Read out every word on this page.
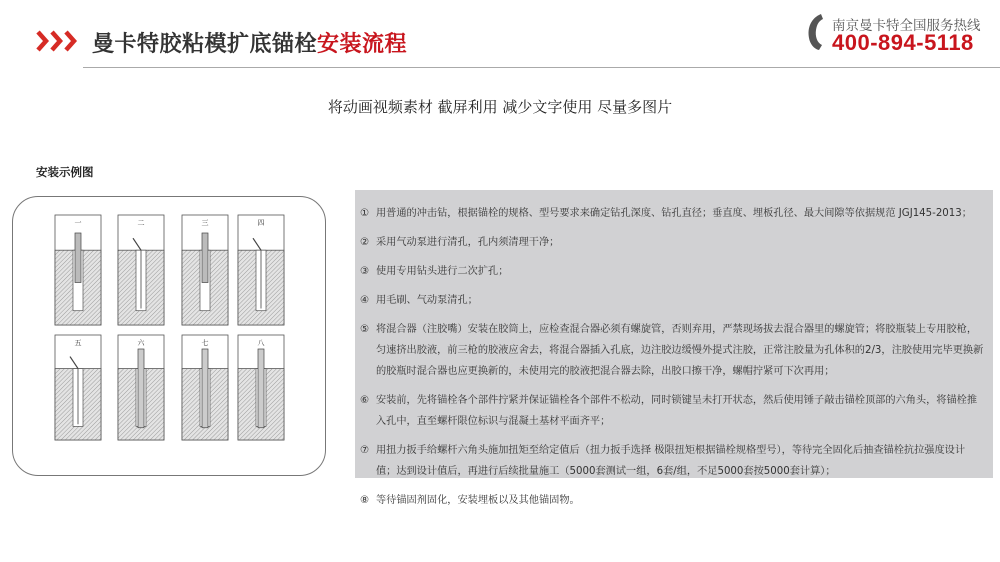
曼卡特胶粘模扩底锚栓安装流程
南京曼卡特全国服务热线
400-894-5118
将动画视频素材 截屏利用 减少文字使用 尽量多图片
安装示例图
一	二	三	四
五	六	七	八
① 用普通的冲击钻，根据锚栓的规格、型号要求来确定钻孔深度、钻孔直径；垂直度、埋板孔径、最大间隙等依据规范 JGJ145-2013；
② 采用气动泵进行清孔，孔内须清理干净；
③ 使用专用钻头进行二次扩孔；
④ 用毛刷、气动泵清孔；
⑤ 将混合器（注胶嘴）安装在胶筒上，应检查混合器必须有螺旋管，否则弃用，严禁现场拔去混合器里的螺旋管；将胶瓶装上专用胶枪，匀速挤出胶液，前三枪的胶液应舍去，将混合器插入孔底，边注胶边缓慢外提式注胶，正常注胶量为孔体积的2/3，注胶使用完毕更换新的胶瓶时混合器也应更换新的，未使用完的胶液把混合器去除，出胶口擦干净，螺帽拧紧可下次再用；
⑥ 安装前，先将锚栓各个部件拧紧并保证锚栓各个部件不松动，同时锁键呈未打开状态，然后使用锤子敲击锚栓顶部的六角头，将锚栓推入孔中，直至螺杆限位标识与混凝土基材平面齐平；
⑦ 用扭力扳手给螺杆六角头施加扭矩至给定值后（扭力扳手选择 极限扭矩根据锚栓规格型号），等待完全固化后抽查锚栓抗拉强度设计值；达到设计值后，再进行后续批量施工（5000套测试一组，6套/组，不足5000套按5000套计算）；
⑧ 等待锚固剂固化，安装埋板以及其他锚固物。
